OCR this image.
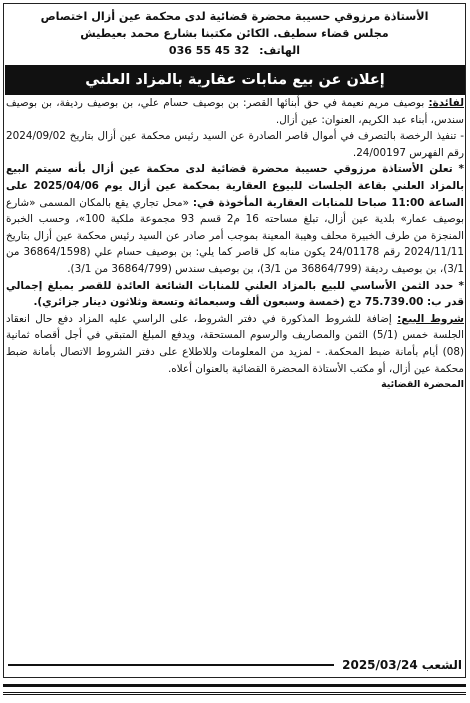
الأستاذة مرزوقي حسيبة محضرة قضائية لدى محكمة عين أزال اختصاص
مجلس قضاء سطيف. الكائن مكتبنا بشارع محمد بعيطيش
الهاتف: 036 55 45 32
إعلان عن بيع منابات عقارية بالمزاد العلني

لفائدة: بوصيف مريم نعيمة في حق أبنائها القصر: بن بوصيف حسام علي، بن بوصيف رديفة، بن بوصيف سندس، أبناء عبد الكريم، العنوان: عين أزال.

- تنفيذ الرخصة بالتصرف في أموال قاصر الصادرة عن السيد رئيس محكمة عين أزال بتاريخ 2024/09/02 رقم الفهرس 24/00197.

* تعلن الأستاذة مرزوقي حسيبة محضرة قضائية لدى محكمة عين أزال بأنه سيتم البيع بالمزاد العلني بقاعة الجلسات للبيوع العقارية بمحكمة عين أزال يوم 2025/04/06 على الساعة 11:00 صباحا للمنابات العقارية المأخوذة في: «محل تجاري يقع بالمكان المسمى «شارع بوصيف عمار» بلدية عين أزال، تبلغ مساحته 16 م2 قسم 93 مجموعة ملكية 100»، وحسب الخبرة المنجزة من طرف الخبيرة محلف وهيبة المعينة بموجب أمر صادر عن السيد رئيس محكمة عين أزال بتاريخ 2024/11/11 رقم 24/01178 يكون منابه كل قاصر كما يلي: بن بوصيف حسام علي (36864/1598 من 3/1)، بن بوصيف رديفة (36864/799 من 3/1)، بن بوصيف سندس (36864/799 من 3/1).

* حدد الثمن الأساسي للبيع بالمزاد العلني للمنابات الشائعة العائدة للقصر بمبلغ إجمالي قدر ب: 75.739.00 دج (خمسة وسبعون ألف وسبعمائة وتسعة وثلاثون دينار جزائري).

شروط البيع: إضافة للشروط المذكورة في دفتر الشروط، على الراسي عليه المزاد دفع حال انعقاد الجلسة خمس (5/1) الثمن والمصاريف والرسوم المستحقة، ويدفع المبلغ المتبقي في أجل أقصاه ثمانية (08) أيام بأمانة ضبط المحكمة. - لمزيد من المعلومات وللاطلاع على دفتر الشروط الاتصال بأمانة ضبط محكمة عين أزال، أو مكتب الأستاذة المحضرة القضائية بالعنوان أعلاه.

المحضرة القضائية
الشعب
2025/03/24
